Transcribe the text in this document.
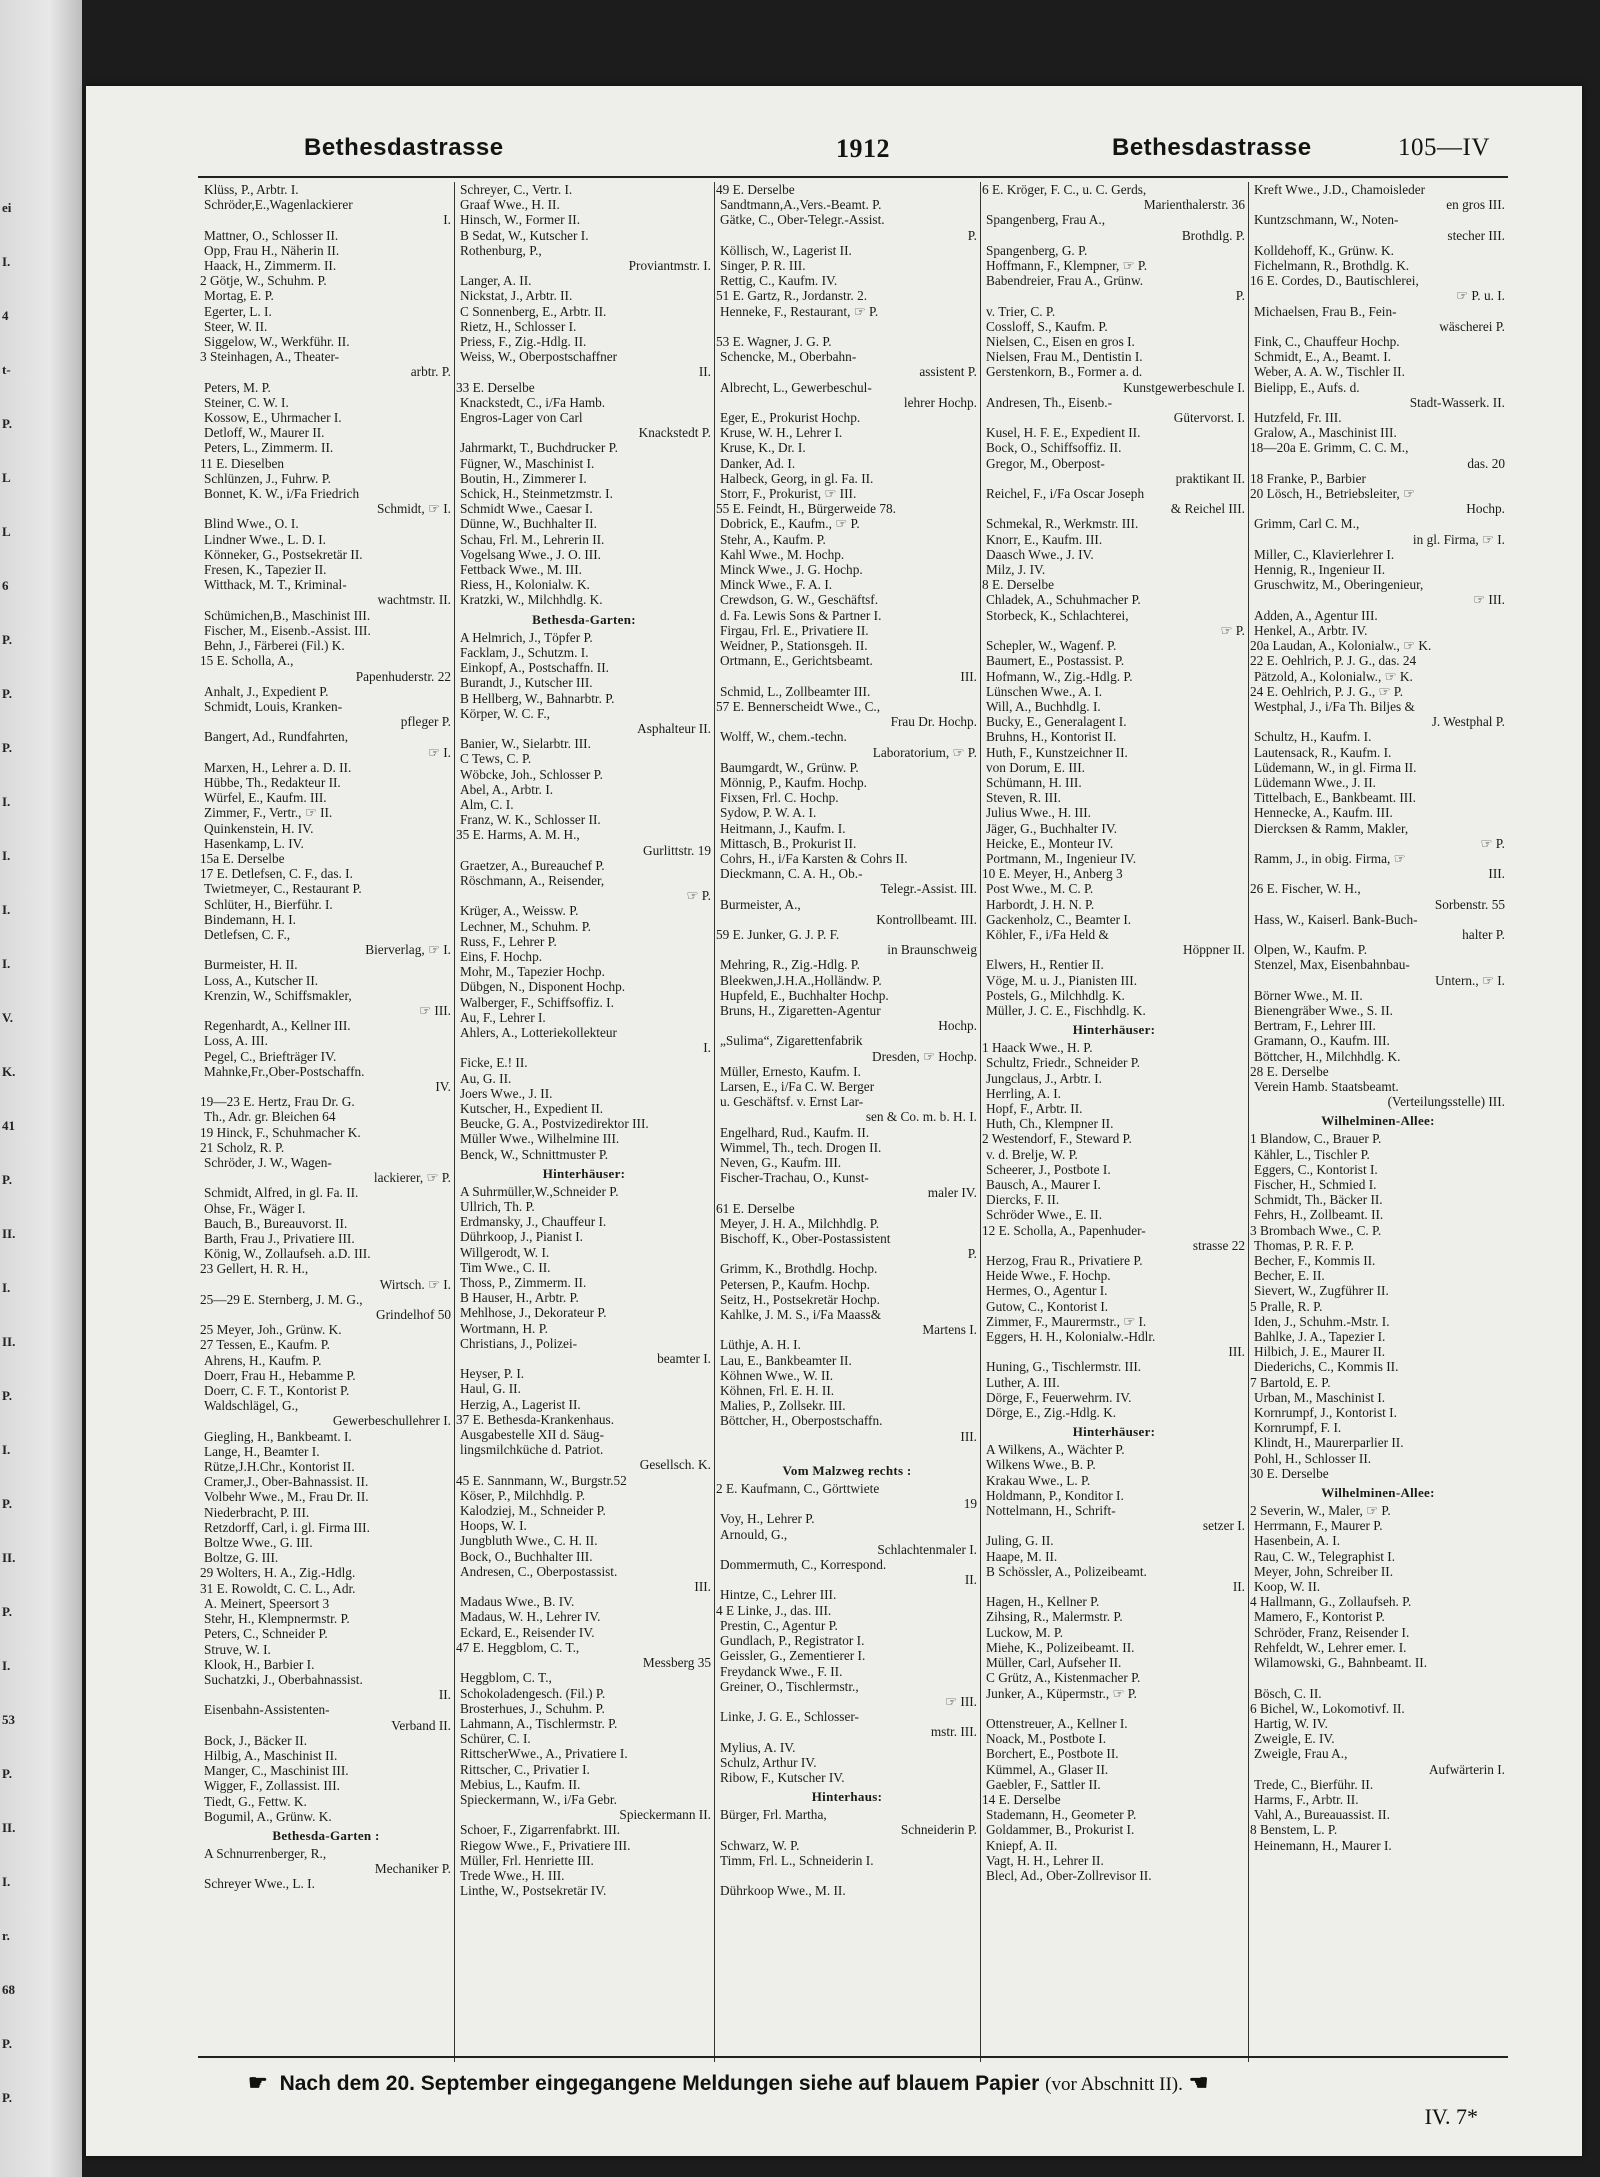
ei
I.
4
t-
P.
L
L
6
P.
P.
P.
I.
I.
I.
I.
V.
K.
41
P.
II.
I.
II.
P.
I.
P.
II.
P.
I.
53
P.
II.
I.
r.
68
P.
P.
Bethesdastrasse	1912	Bethesdastrasse	105—IV
Klüss, P., Arbtr. I.
Schröder,E.,Wagenlackierer
I.
Mattner, O., Schlosser II.
Opp, Frau H., Näherin II.
Haack, H., Zimmerm. II.
2 Götje, W., Schuhm. P.
Mortag, E. P.
Egerter, L. I.
Steer, W. II.
Siggelow, W., Werkführ. II.
3 Steinhagen, A., Theater-
arbtr. P.
Peters, M. P.
Steiner, C. W. I.
Kossow, E., Uhrmacher I.
Detloff, W., Maurer II.
Peters, L., Zimmerm. II.
11 E. Dieselben
Schlünzen, J., Fuhrw. P.
Bonnet, K. W., i/Fa Friedrich
Schmidt, ☞ I.
Blind Wwe., O. I.
Lindner Wwe., L. D. I.
Könneker, G., Postsekretär II.
Fresen, K., Tapezier II.
Witthack, M. T., Kriminal-
wachtmstr. II.
Schümichen,B., Maschinist III.
Fischer, M., Eisenb.-Assist. III.
Behn, J., Färberei (Fil.) K.
15 E. Scholla, A.,
Papenhuderstr. 22
Anhalt, J., Expedient P.
Schmidt, Louis, Kranken-
pfleger P.
Bangert, Ad., Rundfahrten,
☞ I.
Marxen, H., Lehrer a. D. II.
Hübbe, Th., Redakteur II.
Würfel, E., Kaufm. III.
Zimmer, F., Vertr., ☞ II.
Quinkenstein, H. IV.
Hasenkamp, L. IV.
15a E. Derselbe
17 E. Detlefsen, C. F., das. I.
Twietmeyer, C., Restaurant P.
Schlüter, H., Bierführ. I.
Bindemann, H. I.
Detlefsen, C. F.,
Bierverlag, ☞ I.
Burmeister, H. II.
Loss, A., Kutscher II.
Krenzin, W., Schiffsmakler,
☞ III.
Regenhardt, A., Kellner III.
Loss, A. III.
Pegel, C., Briefträger IV.
Mahnke,Fr.,Ober-Postschaffn.
IV.
19—23 E. Hertz, Frau Dr. G.
Th., Adr. gr. Bleichen 64
19 Hinck, F., Schuhmacher K.
21 Scholz, R. P.
Schröder, J. W., Wagen-
lackierer, ☞ P.
Schmidt, Alfred, in gl. Fa. II.
Ohse, Fr., Wäger I.
Bauch, B., Bureauvorst. II.
Barth, Frau J., Privatiere III.
König, W., Zollaufseh. a.D. III.
23 Gellert, H. R. H.,
Wirtsch. ☞ I.
25—29 E. Sternberg, J. M. G.,
Grindelhof 50
25 Meyer, Joh., Grünw. K.
27 Tessen, E., Kaufm. P.
Ahrens, H., Kaufm. P.
Doerr, Frau H., Hebamme P.
Doerr, C. F. T., Kontorist P.
Waldschlägel, G.,
Gewerbeschullehrer I.
Giegling, H., Bankbeamt. I.
Lange, H., Beamter I.
Rütze,J.H.Chr., Kontorist II.
Cramer,J., Ober-Bahnassist. II.
Volbehr Wwe., M., Frau Dr. II.
Niederbracht, P. III.
Retzdorff, Carl, i. gl. Firma III.
Boltze Wwe., G. III.
Boltze, G. III.
29 Wolters, H. A., Zig.-Hdlg.
31 E. Rowoldt, C. C. L., Adr.
A. Meinert, Speersort 3
Stehr, H., Klempnermstr. P.
Peters, C., Schneider P.
Struve, W. I.
Klook, H., Barbier I.
Suchatzki, J., Oberbahnassist.
II.
Eisenbahn-Assistenten-
Verband II.
Bock, J., Bäcker II.
Hilbig, A., Maschinist II.
Manger, C., Maschinist III.
Wigger, F., Zollassist. III.
Tiedt, G., Fettw. K.
Bogumil, A., Grünw. K.
Bethesda-Garten :
A Schnurrenberger, R.,
Mechaniker P.
Schreyer Wwe., L. I.
Schreyer, C., Vertr. I.
Graaf Wwe., H. II.
Hinsch, W., Former II.
B Sedat, W., Kutscher I.
Rothenburg, P.,
Proviantmstr. I.
Langer, A. II.
Nickstat, J., Arbtr. II.
C Sonnenberg, E., Arbtr. II.
Rietz, H., Schlosser I.
Priess, F., Zig.-Hdlg. II.
Weiss, W., Oberpostschaffner
II.
33 E. Derselbe
Knackstedt, C., i/Fa Hamb.
Engros-Lager von Carl
Knackstedt P.
Jahrmarkt, T., Buchdrucker P.
Fügner, W., Maschinist I.
Boutin, H., Zimmerer I.
Schick, H., Steinmetzmstr. I.
Schmidt Wwe., Caesar I.
Dünne, W., Buchhalter II.
Schau, Frl. M., Lehrerin II.
Vogelsang Wwe., J. O. III.
Fettback Wwe., M. III.
Riess, H., Kolonialw. K.
Kratzki, W., Milchhdlg. K.
Bethesda-Garten:
A Helmrich, J., Töpfer P.
Facklam, J., Schutzm. I.
Einkopf, A., Postschaffn. II.
Burandt, J., Kutscher III.
B Hellberg, W., Bahnarbtr. P.
Körper, W. C. F.,
Asphalteur II.
Banier, W., Sielarbtr. III.
C Tews, C. P.
Wöbcke, Joh., Schlosser P.
Abel, A., Arbtr. I.
Alm, C. I.
Franz, W. K., Schlosser II.
35 E. Harms, A. M. H.,
Gurlittstr. 19
Graetzer, A., Bureauchef P.
Röschmann, A., Reisender,
☞ P.
Krüger, A., Weissw. P.
Lechner, M., Schuhm. P.
Russ, F., Lehrer P.
Eins, F. Hochp.
Mohr, M., Tapezier Hochp.
Dübgen, N., Disponent Hochp.
Walberger, F., Schiffsoffiz. I.
Au, F., Lehrer I.
Ahlers, A., Lotteriekollekteur
I.
Ficke, E.! II.
Au, G. II.
Joers Wwe., J. II.
Kutscher, H., Expedient II.
Beucke, G. A., Postvizedirektor III.
Müller Wwe., Wilhelmine III.
Benck, W., Schnittmuster P.
Hinterhäuser:
A Suhrmüller,W.,Schneider P.
Ullrich, Th. P.
Erdmansky, J., Chauffeur I.
Dührkoop, J., Pianist I.
Willgerodt, W. I.
Tim Wwe., C. II.
Thoss, P., Zimmerm. II.
B Hauser, H., Arbtr. P.
Mehlhose, J., Dekorateur P.
Wortmann, H. P.
Christians, J., Polizei-
beamter I.
Heyser, P. I.
Haul, G. II.
Herzig, A., Lagerist II.
37 E. Bethesda-Krankenhaus.
Ausgabestelle XII d. Säug-
lingsmilchküche d. Patriot.
Gesellsch. K.
45 E. Sannmann, W., Burgstr.52
Köser, P., Milchhdlg. P.
Kalodziej, M., Schneider P.
Hoops, W. I.
Jungbluth Wwe., C. H. II.
Bock, O., Buchhalter III.
Andresen, C., Oberpostassist.
III.
Madaus Wwe., B. IV.
Madaus, W. H., Lehrer IV.
Eckard, E., Reisender IV.
47 E. Heggblom, C. T.,
Messberg 35
Heggblom, C. T.,
Schokoladengesch. (Fil.) P.
Brosterhues, J., Schuhm. P.
Lahmann, A., Tischlermstr. P.
Schürer, C. I.
RittscherWwe., A., Privatiere I.
Rittscher, C., Privatier I.
Mebius, L., Kaufm. II.
Spieckermann, W., i/Fa Gebr.
Spieckermann II.
Schoer, F., Zigarrenfabrkt. III.
Riegow Wwe., F., Privatiere III.
Müller, Frl. Henriette III.
Trede Wwe., H. III.
Linthe, W., Postsekretär IV.
49 E. Derselbe
Sandtmann,A.,Vers.-Beamt. P.
Gätke, C., Ober-Telegr.-Assist.
P.
Köllisch, W., Lagerist II.
Singer, P. R. III.
Rettig, C., Kaufm. IV.
51 E. Gartz, R., Jordanstr. 2.
Henneke, F., Restaurant, ☞ P.

53 E. Wagner, J. G. P.
Schencke, M., Oberbahn-
assistent P.
Albrecht, L., Gewerbeschul-
lehrer Hochp.
Eger, E., Prokurist Hochp.
Kruse, W. H., Lehrer I.
Kruse, K., Dr. I.
Danker, Ad. I.
Halbeck, Georg, in gl. Fa. II.
Storr, F., Prokurist, ☞ III.
55 E. Feindt, H., Bürgerweide 78.
Dobrick, E., Kaufm., ☞ P.
Stehr, A., Kaufm. P.
Kahl Wwe., M. Hochp.
Minck Wwe., J. G. Hochp.
Minck Wwe., F. A. I.
Crewdson, G. W., Geschäftsf.
d. Fa. Lewis Sons & Partner I.
Firgau, Frl. E., Privatiere II.
Weidner, P., Stationsgeh. II.
Ortmann, E., Gerichtsbeamt.
III.
Schmid, L., Zollbeamter III.
57 E. Bennerscheidt Wwe., C.,
Frau Dr. Hochp.
Wolff, W., chem.-techn.
Laboratorium, ☞ P.
Baumgardt, W., Grünw. P.
Mönnig, P., Kaufm. Hochp.
Fixsen, Frl. C. Hochp.
Sydow, P. W. A. I.
Heitmann, J., Kaufm. I.
Mittasch, B., Prokurist II.
Cohrs, H., i/Fa Karsten & Cohrs II.
Dieckmann, C. A. H., Ob.-
Telegr.-Assist. III.
Burmeister, A.,
Kontrollbeamt. III.
59 E. Junker, G. J. P. F.
in Braunschweig
Mehring, R., Zig.-Hdlg. P.
Bleekwen,J.H.A.,Holländw. P.
Hupfeld, E., Buchhalter Hochp.
Bruns, H., Zigaretten-Agentur
Hochp.
„Sulima“, Zigarettenfabrik
Dresden, ☞ Hochp.
Müller, Ernesto, Kaufm. I.
Larsen, E., i/Fa C. W. Berger
u. Geschäftsf. v. Ernst Lar-
sen & Co. m. b. H. I.
Engelhard, Rud., Kaufm. II.
Wimmel, Th., tech. Drogen II.
Neven, G., Kaufm. III.
Fischer-Trachau, O., Kunst-
maler IV.
61 E. Derselbe
Meyer, J. H. A., Milchhdlg. P.
Bischoff, K., Ober-Postassistent
P.
Grimm, K., Brothdlg. Hochp.
Petersen, P., Kaufm. Hochp.
Seitz, H., Postsekretär Hochp.
Kahlke, J. M. S., i/Fa Maass&
Martens I.
Lüthje, A. H. I.
Lau, E., Bankbeamter II.
Köhnen Wwe., W. II.
Köhnen, Frl. E. H. II.
Malies, P., Zollsekr. III.
Böttcher, H., Oberpostschaffn.
III.

Vom Malzweg rechts :
2 E. Kaufmann, C., Görttwiete
19
Voy, H., Lehrer P.
Arnould, G.,
Schlachtenmaler I.
Dommermuth, C., Korrespond.
II.
Hintze, C., Lehrer III.
4 E Linke, J., das. III.
Prestin, C., Agentur P.
Gundlach, P., Registrator I.
Geissler, G., Zementierer I.
Freydanck Wwe., F. II.
Greiner, O., Tischlermstr.,
☞ III.
Linke, J. G. E., Schlosser-
mstr. III.
Mylius, A. IV.
Schulz, Arthur IV.
Ribow, F., Kutscher IV.
Hinterhaus:
Bürger, Frl. Martha,
Schneiderin P.
Schwarz, W. P.
Timm, Frl. L., Schneiderin I.

Dührkoop Wwe., M. II.
6 E. Kröger, F. C., u. C. Gerds,
Marienthalerstr. 36
Spangenberg, Frau A.,
Brothdlg. P.
Spangenberg, G. P.
Hoffmann, F., Klempner, ☞ P.
Babendreier, Frau A., Grünw.
P.
v. Trier, C. P.
Cossloff, S., Kaufm. P.
Nielsen, C., Eisen en gros I.
Nielsen, Frau M., Dentistin I.
Gerstenkorn, B., Former a. d.
Kunstgewerbeschule I.
Andresen, Th., Eisenb.-
Gütervorst. I.
Kusel, H. F. E., Expedient II.
Bock, O., Schiffsoffiz. II.
Gregor, M., Oberpost-
praktikant II.
Reichel, F., i/Fa Oscar Joseph
& Reichel III.
Schmekal, R., Werkmstr. III.
Knorr, E., Kaufm. III.
Daasch Wwe., J. IV.
Milz, J. IV.
8 E. Derselbe
Chladek, A., Schuhmacher P.
Storbeck, K., Schlachterei,
☞ P.
Schepler, W., Wagenf. P.
Baumert, E., Postassist. P.
Hofmann, W., Zig.-Hdlg. P.
Lünschen Wwe., A. I.
Will, A., Buchhdlg. I.
Bucky, E., Generalagent I.
Bruhns, H., Kontorist II.
Huth, F., Kunstzeichner II.
von Dorum, E. III.
Schümann, H. III.
Steven, R. III.
Julius Wwe., H. III.
Jäger, G., Buchhalter IV.
Heicke, E., Monteur IV.
Portmann, M., Ingenieur IV.
10 E. Meyer, H., Anberg 3
Post Wwe., M. C. P.
Harbordt, J. H. N. P.
Gackenholz, C., Beamter I.
Köhler, F., i/Fa Held &
Höppner II.
Elwers, H., Rentier II.
Vöge, M. u. J., Pianisten III.
Postels, G., Milchhdlg. K.
Müller, J. C. E., Fischhdlg. K.
Hinterhäuser:
1 Haack Wwe., H. P.
Schultz, Friedr., Schneider P.
Jungclaus, J., Arbtr. I.
Herrling, A. I.
Hopf, F., Arbtr. II.
Huth, Ch., Klempner II.
2 Westendorf, F., Steward P.
v. d. Brelje, W. P.
Scheerer, J., Postbote I.
Bausch, A., Maurer I.
Diercks, F. II.
Schröder Wwe., E. II.
12 E. Scholla, A., Papenhuder-
strasse 22
Herzog, Frau R., Privatiere P.
Heide Wwe., F. Hochp.
Hermes, O., Agentur I.
Gutow, C., Kontorist I.
Zimmer, F., Maurermstr., ☞ I.
Eggers, H. H., Kolonialw.-Hdlr.
III.
Huning, G., Tischlermstr. III.
Luther, A. III.
Dörge, F., Feuerwehrm. IV.
Dörge, E., Zig.-Hdlg. K.
Hinterhäuser:
A Wilkens, A., Wächter P.
Wilkens Wwe., B. P.
Krakau Wwe., L. P.
Holdmann, P., Konditor I.
Nottelmann, H., Schrift-
setzer I.
Juling, G. II.
Haape, M. II.
B Schössler, A., Polizeibeamt.
II.
Hagen, H., Kellner P.
Zihsing, R., Malermstr. P.
Luckow, M. P.
Miehe, K., Polizeibeamt. II.
Müller, Carl, Aufseher II.
C Grütz, A., Kistenmacher P.
Junker, A., Küpermstr., ☞ P.

Ottenstreuer, A., Kellner I.
Noack, M., Postbote I.
Borchert, E., Postbote II.
Kümmel, A., Glaser II.
Gaebler, F., Sattler II.
14 E. Derselbe
Stademann, H., Geometer P.
Goldammer, B., Prokurist I.
Kniepf, A. II.
Vagt, H. H., Lehrer II.
Blecl, Ad., Ober-Zollrevisor II.
Kreft Wwe., J.D., Chamoisleder
en gros III.
Kuntzschmann, W., Noten-
stecher III.
Kolldehoff, K., Grünw. K.
Fichelmann, R., Brothdlg. K.
16 E. Cordes, D., Bautischlerei,
☞ P. u. I.
Michaelsen, Frau B., Fein-
wäscherei P.
Fink, C., Chauffeur Hochp.
Schmidt, E., A., Beamt. I.
Weber, A. A. W., Tischler II.
Bielipp, E., Aufs. d.
Stadt-Wasserk. II.
Hutzfeld, Fr. III.
Gralow, A., Maschinist III.
18—20a E. Grimm, C. C. M.,
das. 20
18 Franke, P., Barbier
20 Lösch, H., Betriebsleiter, ☞
Hochp.
Grimm, Carl C. M.,
in gl. Firma, ☞ I.
Miller, C., Klavierlehrer I.
Hennig, R., Ingenieur II.
Gruschwitz, M., Oberingenieur,
☞ III.
Adden, A., Agentur III.
Henkel, A., Arbtr. IV.
20a Laudan, A., Kolonialw., ☞ K.
22 E. Oehlrich, P. J. G., das. 24
Pätzold, A., Kolonialw., ☞ K.
24 E. Oehlrich, P. J. G., ☞ P.
Westphal, J., i/Fa Th. Biljes &
J. Westphal P.
Schultz, H., Kaufm. I.
Lautensack, R., Kaufm. I.
Lüdemann, W., in gl. Firma II.
Lüdemann Wwe., J. II.
Tittelbach, E., Bankbeamt. III.
Hennecke, A., Kaufm. III.
Diercksen & Ramm, Makler,
☞ P.
Ramm, J., in obig. Firma, ☞
III.
26 E. Fischer, W. H.,
Sorbenstr. 55
Hass, W., Kaiserl. Bank-Buch-
halter P.
Olpen, W., Kaufm. P.
Stenzel, Max, Eisenbahnbau-
Untern., ☞ I.
Börner Wwe., M. II.
Bienengräber Wwe., S. II.
Bertram, F., Lehrer III.
Gramann, O., Kaufm. III.
Böttcher, H., Milchhdlg. K.
28 E. Derselbe
Verein Hamb. Staatsbeamt.
(Verteilungsstelle) III.
Wilhelminen-Allee:
1 Blandow, C., Brauer P.
Kähler, L., Tischler P.
Eggers, C., Kontorist I.
Fischer, H., Schmied I.
Schmidt, Th., Bäcker II.
Fehrs, H., Zollbeamt. II.
3 Brombach Wwe., C. P.
Thomas, P. R. F. P.
Becher, F., Kommis II.
Becher, E. II.
Sievert, W., Zugführer II.
5 Pralle, R. P.
Iden, J., Schuhm.-Mstr. I.
Bahlke, J. A., Tapezier I.
Hilbich, J. E., Maurer II.
Diederichs, C., Kommis II.
7 Bartold, E. P.
Urban, M., Maschinist I.
Kornrumpf, J., Kontorist I.
Kornrumpf, F. I.
Klindt, H., Maurerparlier II.
Pohl, H., Schlosser II.
30 E. Derselbe
Wilhelminen-Allee:
2 Severin, W., Maler, ☞ P.
Herrmann, F., Maurer P.
Hasenbein, A. I.
Rau, C. W., Telegraphist I.
Meyer, John, Schreiber II.
Koop, W. II.
4 Hallmann, G., Zollaufseh. P.
Mamero, F., Kontorist P.
Schröder, Franz, Reisender I.
Rehfeldt, W., Lehrer emer. I.
Wilamowski, G., Bahnbeamt. II.

Bösch, C. II.
6 Bichel, W., Lokomotivf. II.
Hartig, W. IV.
Zweigle, E. IV.
Zweigle, Frau A.,
Aufwärterin I.
Trede, C., Bierführ. II.
Harms, F., Arbtr. II.
Vahl, A., Bureauassist. II.
8 Benstem, L. P.
Heinemann, H., Maurer I.
☛ Nach dem 20. September eingegangene Meldungen siehe auf blauem Papier (vor Abschnitt II). ☚
IV. 7*
